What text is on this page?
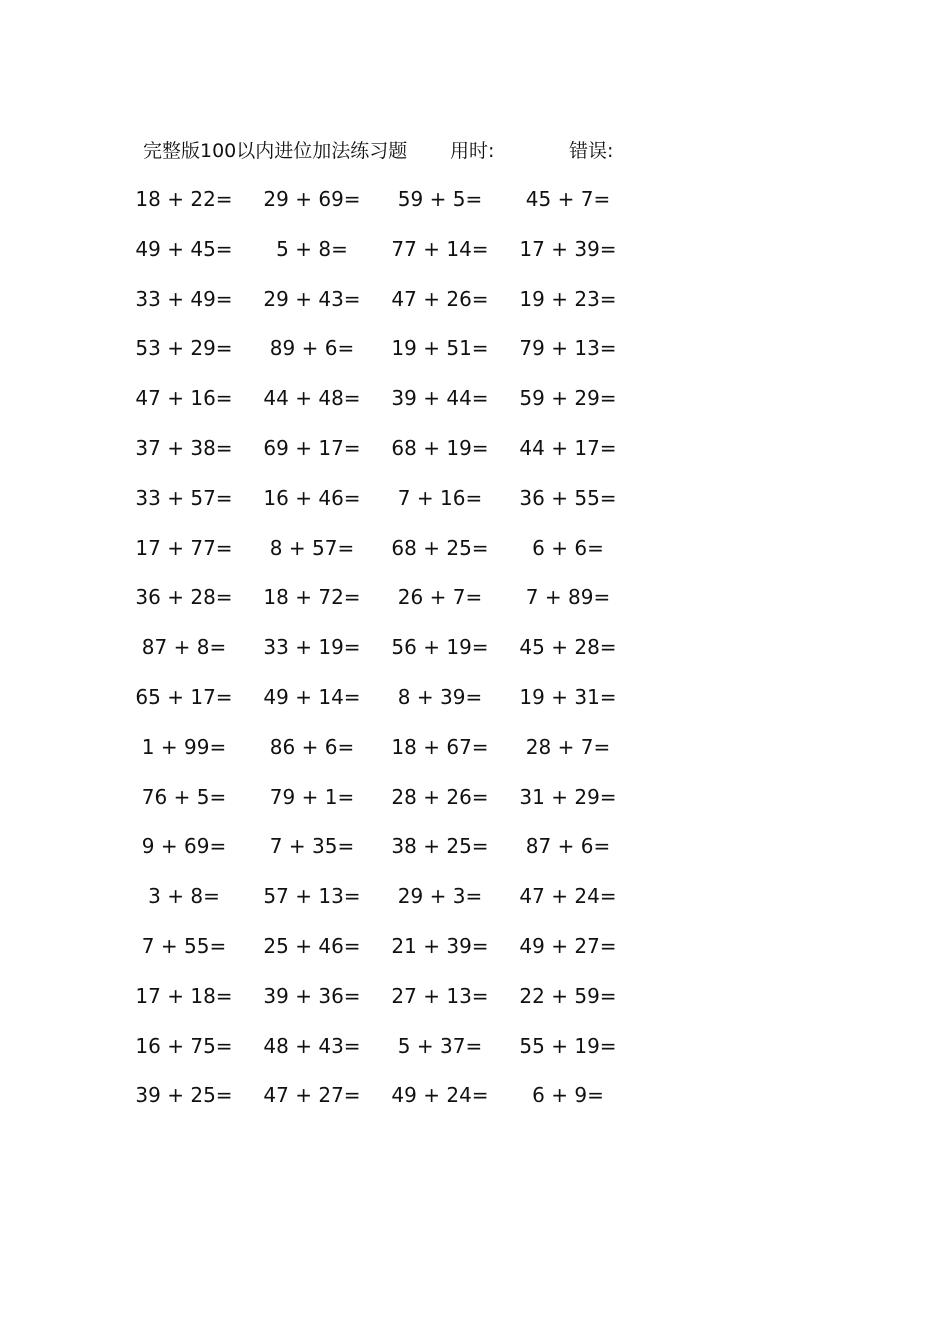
完整版100以内进位加法练习题 用时:	错误:
18 + 22=	29 + 69=	59 + 5=	45 + 7=
49 + 45=	5 + 8=	77 + 14=	17 + 39=
33 + 49=	29 + 43=	47 + 26=	19 + 23=
53 + 29=	89 + 6=	19 + 51=	79 + 13=
47 + 16=	44 + 48=	39 + 44=	59 + 29=
37 + 38=	69 + 17=	68 + 19=	44 + 17=
33 + 57=	16 + 46=	7 + 16=	36 + 55=
17 + 77=	8 + 57=	68 + 25=	6 + 6=
36 + 28=	18 + 72=	26 + 7=	7 + 89=
87 + 8=	33 + 19=	56 + 19=	45 + 28=
65 + 17=	49 + 14=	8 + 39=	19 + 31=
1 + 99=	86 + 6=	18 + 67=	28 + 7=
76 + 5=	79 + 1=	28 + 26=	31 + 29=
9 + 69=	7 + 35=	38 + 25=	87 + 6=
3 + 8=	57 + 13=	29 + 3=	47 + 24=
7 + 55=	25 + 46=	21 + 39=	49 + 27=
17 + 18=	39 + 36=	27 + 13=	22 + 59=
16 + 75=	48 + 43=	5 + 37=	55 + 19=
39 + 25=	47 + 27=	49 + 24=	6 + 9=
